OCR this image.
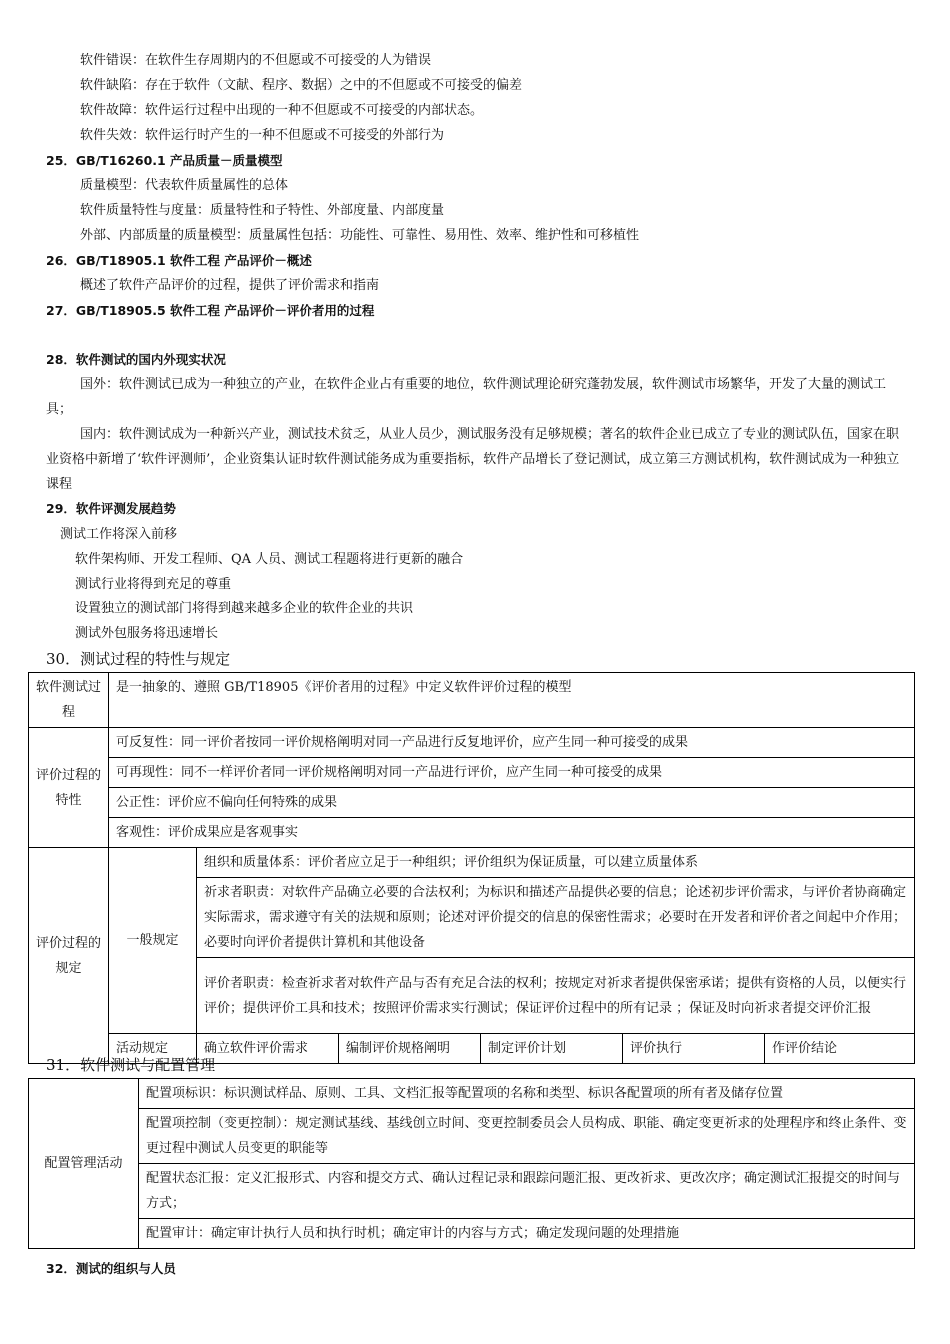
软件错误：在软件生存周期内的不但愿或不可接受的人为错误
软件缺陷：存在于软件（文献、程序、数据）之中的不但愿或不可接受的偏差
软件故障：软件运行过程中出现的一种不但愿或不可接受的内部状态。
软件失效：软件运行时产生的一种不但愿或不可接受的外部行为
25．GB/T16260.1 产品质量－质量模型
质量模型：代表软件质量属性的总体
软件质量特性与度量：质量特性和子特性、外部度量、内部度量
外部、内部质量的质量模型：质量属性包括：功能性、可靠性、易用性、效率、维护性和可移植性
26．GB/T18905.1 软件工程 产品评价－概述
概述了软件产品评价的过程，提供了评价需求和指南
27．GB/T18905.5 软件工程 产品评价－评价者用的过程
28．软件测试的国内外现实状况
国外：软件测试已成为一种独立的产业，在软件企业占有重要的地位，软件测试理论研究蓬勃发展，软件测试市场繁华，开发了大量的测试工具；
国内：软件测试成为一种新兴产业，测试技术贫乏，从业人员少，测试服务没有足够规模；著名的软件企业已成立了专业的测试队伍，国家在职业资格中新增了‘软件评测师’，企业资集认证时软件测试能务成为重要指标，软件产品增长了登记测试，成立第三方测试机构，软件测试成为一种独立课程
29．软件评测发展趋势
测试工作将深入前移
软件架构师、开发工程师、QA 人员、测试工程题将进行更新的融合
测试行业将得到充足的尊重
设置独立的测试部门将得到越来越多企业的软件企业的共识
测试外包服务将迅速增长
30．测试过程的特性与规定
软件测试过程	是一抽象的、遵照 GB/T18905《评价者用的过程》中定义软件评价过程的模型					
评价过程的特性	可反复性：同一评价者按同一评价规格阐明对同一产品进行反复地评价，应产生同一种可接受的成果					
	可再现性：同不一样评价者同一评价规格阐明对同一产品进行评价，应产生同一种可接受的成果					
	公正性：评价应不偏向任何特殊的成果					
	客观性：评价成果应是客观事实					
评价过程的规定	一般规定	组织和质量体系：评价者应立足于一种组织；评价组织为保证质量，可以建立质量体系				
		祈求者职责：对软件产品确立必要的合法权利；为标识和描述产品提供必要的信息；论述初步评价需求，与评价者协商确定实际需求，需求遵守有关的法规和原则；论述对评价提交的信息的保密性需求；必要时在开发者和评价者之间起中介作用；必要时向评价者提供计算机和其他设备				
		评价者职责：检查祈求者对软件产品与否有充足合法的权利；按规定对祈求者提供保密承诺；提供有资格的人员，以便实行评价；提供评价工具和技术；按照评价需求实行测试；保证评价过程中的所有记录 ；保证及时向祈求者提交评价汇报				
	活动规定	确立软件评价需求	编制评价规格阐明	制定评价计划	评价执行	作评价结论
31．软件测试与配置管理
配置管理活动	配置项标识：标识测试样品、原则、工具、文档汇报等配置项的名称和类型、标识各配置项的所有者及储存位置
配置项控制（变更控制）：规定测试基线、基线创立时间、变更控制委员会人员构成、职能、确定变更祈求的处理程序和终止条件、变更过程中测试人员变更的职能等
配置状态汇报：定义汇报形式、内容和提交方式、确认过程记录和跟踪问题汇报、更改祈求、更改次序；确定测试汇报提交的时间与方式；
配置审计：确定审计执行人员和执行时机；确定审计的内容与方式；确定发现问题的处理措施
32．测试的组织与人员
